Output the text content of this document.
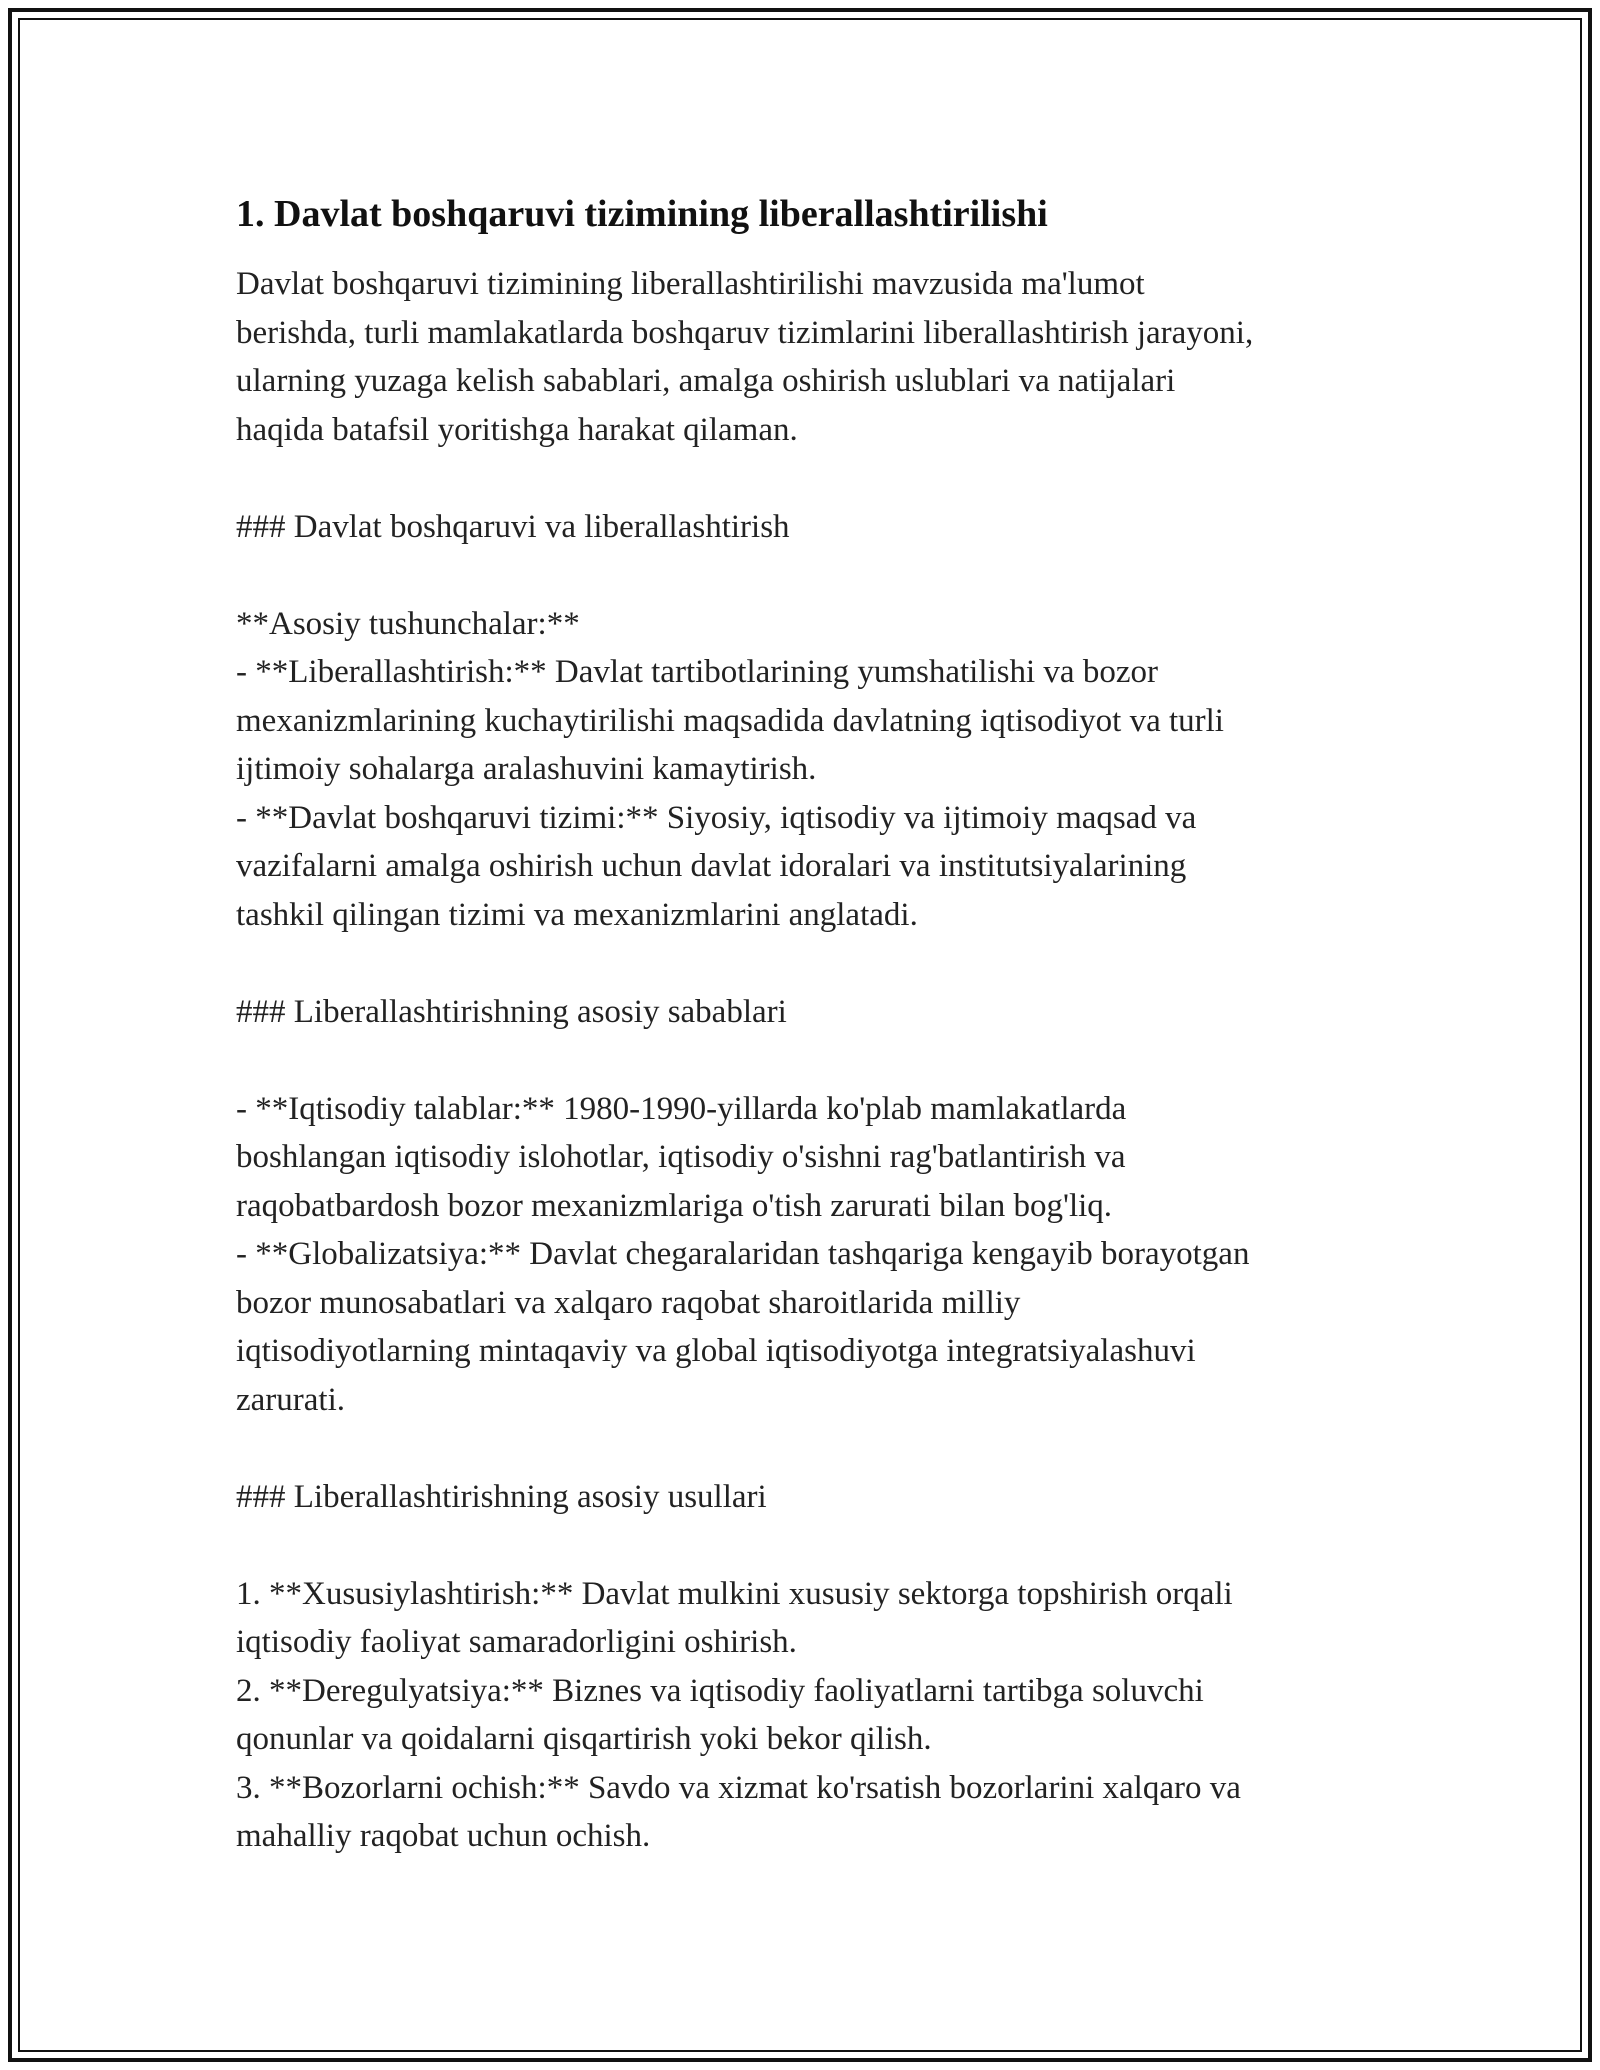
1. Davlat boshqaruvi tizimining liberallashtirilishi

Davlat boshqaruvi tizimining liberallashtirilishi mavzusida ma'lumot
berishda, turli mamlakatlarda boshqaruv tizimlarini liberallashtirish jarayoni,
ularning yuzaga kelish sabablari, amalga oshirish uslublari va natijalari
haqida batafsil yoritishga harakat qilaman.

### Davlat boshqaruvi va liberallashtirish

**Asosiy tushunchalar:**

- **Liberallashtirish:** Davlat tartibotlarining yumshatilishi va bozor
mexanizmlarining kuchaytirilishi maqsadida davlatning iqtisodiyot va turli
ijtimoiy sohalarga aralashuvini kamaytirish.

- **Davlat boshqaruvi tizimi:** Siyosiy, iqtisodiy va ijtimoiy maqsad va
vazifalarni amalga oshirish uchun davlat idoralari va institutsiyalarining
tashkil qilingan tizimi va mexanizmlarini anglatadi.

### Liberallashtirishning asosiy sabablari

- **Iqtisodiy talablar:** 1980-1990-yillarda ko'plab mamlakatlarda
boshlangan iqtisodiy islohotlar, iqtisodiy o'sishni rag'batlantirish va
raqobatbardosh bozor mexanizmlariga o'tish zarurati bilan bog'liq.

- **Globalizatsiya:** Davlat chegaralaridan tashqariga kengayib borayotgan
bozor munosabatlari va xalqaro raqobat sharoitlarida milliy
iqtisodiyotlarning mintaqaviy va global iqtisodiyotga integratsiyalashuvi
zarurati.

### Liberallashtirishning asosiy usullari

1. **Xususiylashtirish:** Davlat mulkini xususiy sektorga topshirish orqali
iqtisodiy faoliyat samaradorligini oshirish.

2. **Deregulyatsiya:** Biznes va iqtisodiy faoliyatlarni tartibga soluvchi
qonunlar va qoidalarni qisqartirish yoki bekor qilish.

3. **Bozorlarni ochish:** Savdo va xizmat ko'rsatish bozorlarini xalqaro va
mahalliy raqobat uchun ochish.
